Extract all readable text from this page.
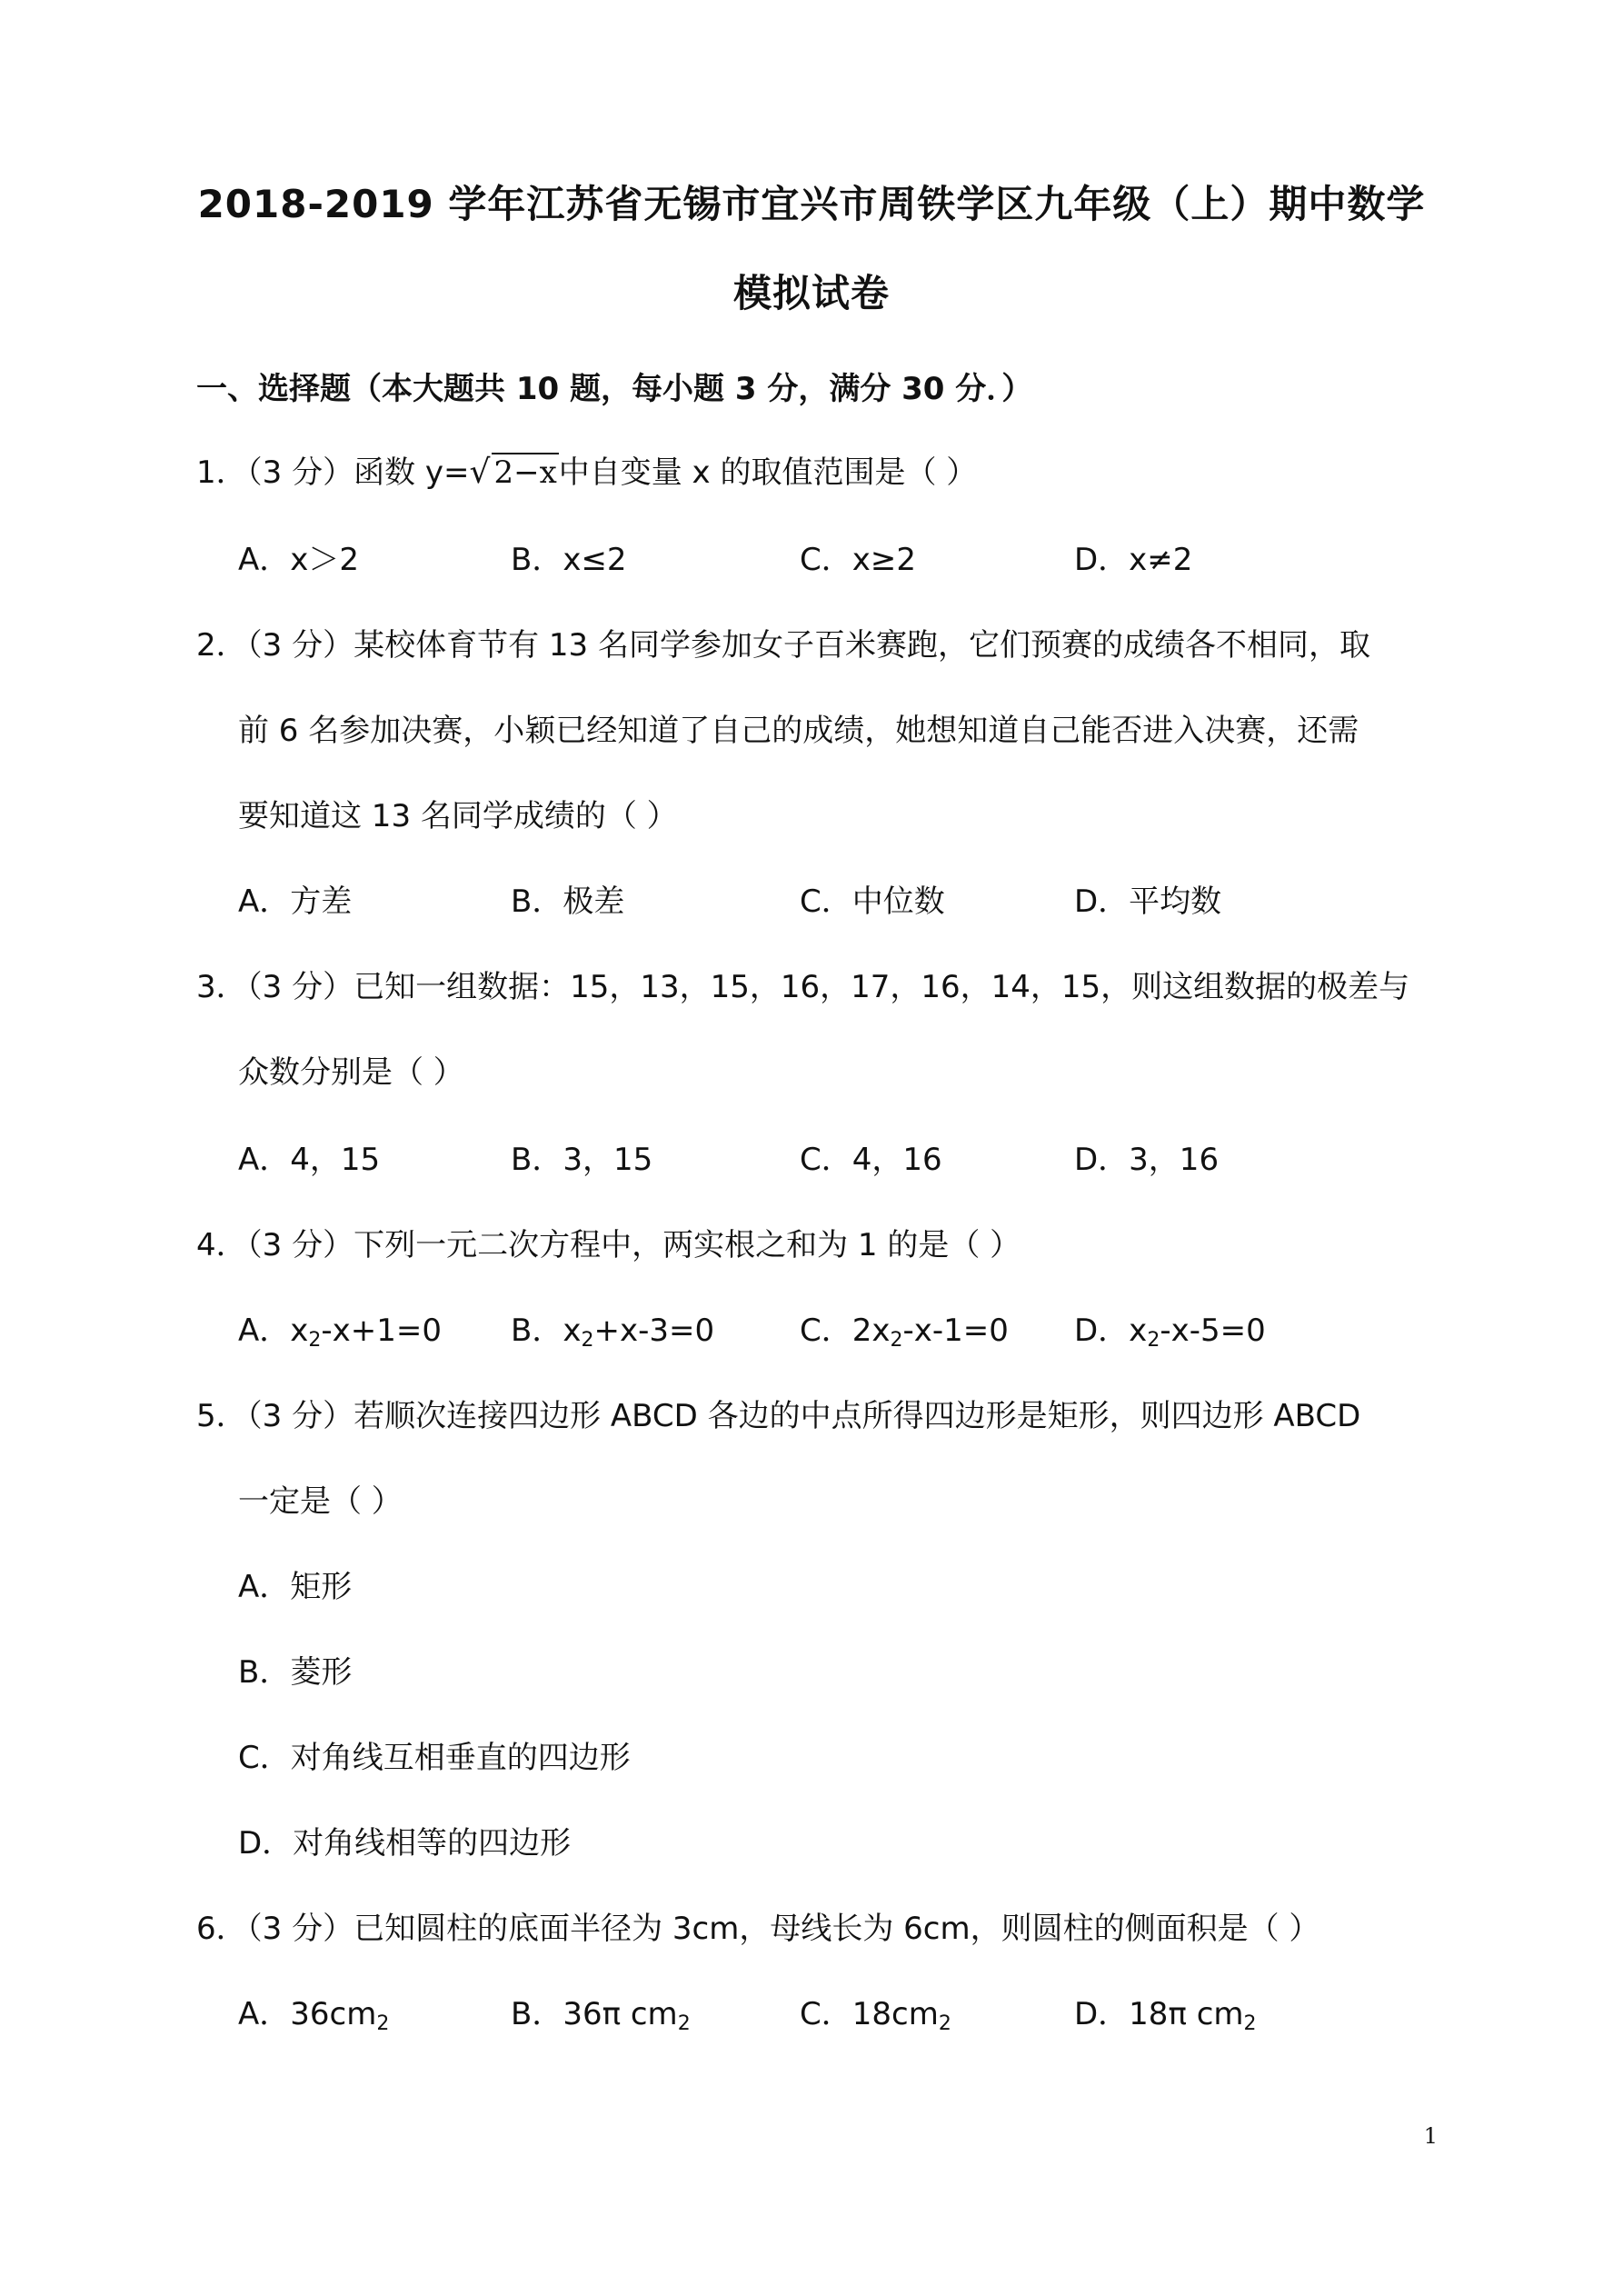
2018-2019 学年江苏省无锡市宜兴市周铁学区九年级（上）期中数学
模拟试卷
一、选择题（本大题共 10 题，每小题 3 分，满分 30 分．）
1．（3 分）函数 y=√ 2−x中自变量 x 的取值范围是（ ）
A．x＞2	B．x≤2	C．x≥2	D．x≠2
2．（3 分）某校体育节有 13 名同学参加女子百米赛跑，它们预赛的成绩各不相同，取
前 6 名参加决赛，小颖已经知道了自己的成绩，她想知道自己能否进入决赛，还需
要知道这 13 名同学成绩的（ ）
A．方差	B．极差	C．中位数	D．平均数
3．（3 分）已知一组数据：15，13，15，16，17，16，14，15，则这组数据的极差与
众数分别是（ ）
A．4，15	B．3，15	C．4，16	D．3，16
4．（3 分）下列一元二次方程中，两实根之和为 1 的是（ ）
A．$x_2-x+1=0$ B．$x_2+x-3=0$	C．$2x_2-x-1=0$ D．$x_2-x-5=0$
5．（3 分）若顺次连接四边形 ABCD 各边的中点所得四边形是矩形，则四边形 ABCD
一定是（ ）
A．矩形
B．菱形
C．对角线互相垂直的四边形
D．对角线相等的四边形
6．（3 分）已知圆柱的底面半径为 3cm，母线长为 6cm，则圆柱的侧面积是（ ）
A．$36cm_2$	B．36π $cm_2$	C．$18cm_2$	D．18π $cm_2$
1
